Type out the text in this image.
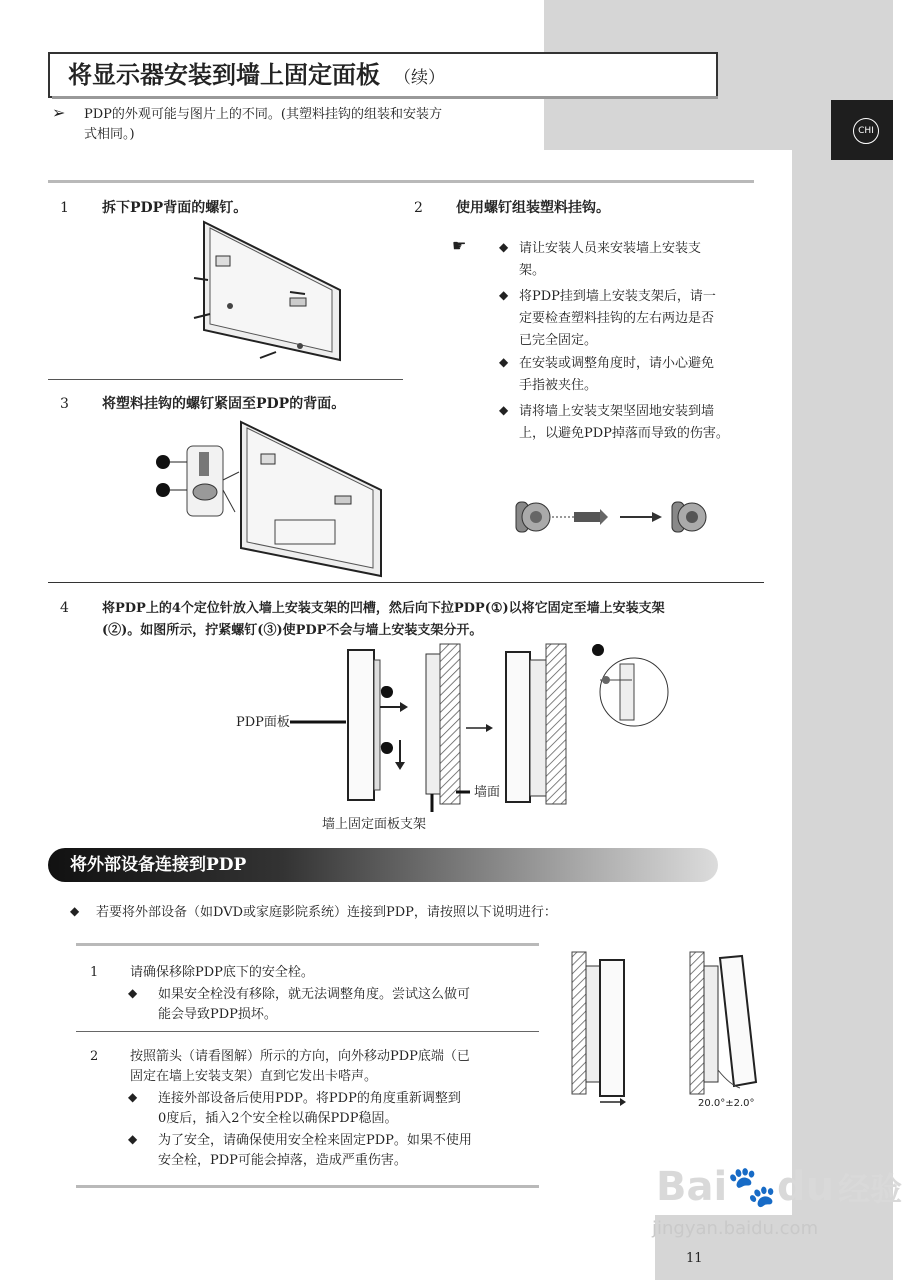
CHI
将显示器安装到墙上固定面板 （续）
➢ PDP的外观可能与图片上的不同。(其塑料挂钩的组装和安装方
式相同。)
1 拆下PDP背面的螺钉。	2 使用螺钉组装塑料挂钩。
☛	◆ 请让安装人员来安装墙上安装支
架。
◆ 将PDP挂到墙上安装支架后，请一
定要检查塑料挂钩的左右两边是否
已完全固定。
◆ 在安装或调整角度时，请小心避免
手指被夹住。
◆ 请将墙上安装支架坚固地安装到墙
上，以避免PDP掉落而导致的伤害。
3 将塑料挂钩的螺钉紧固至PDP的背面。
4	将PDP上的4个定位针放入墙上安装支架的凹槽，然后向下拉PDP(①)以将它固定至墙上安装支架
(②)。如图所示，拧紧螺钉(③)使PDP不会与墙上安装支架分开。
❶
❷
❸
PDP面板
墙面
墙上固定面板支架
将外部设备连接到PDP
◆ 若要将外部设备（如DVD或家庭影院系统）连接到PDP，请按照以下说明进行：
1 请确保移除PDP底下的安全栓。
◆ 如果安全栓没有移除，就无法调整角度。尝试这么做可
能会导致PDP损坏。
2 按照箭头（请看图解）所示的方向，向外移动PDP底端（已
固定在墙上安装支架）直到它发出卡嗒声。
◆ 连接外部设备后使用PDP。将PDP的角度重新调整到
0度后，插入2个安全栓以确保PDP稳固。
◆ 为了安全，请确保使用安全栓来固定PDP。如果不使用
安全栓，PDP可能会掉落，造成严重伤害。
20.0°±2.0°
Bai🐾du 经验
jingyan.baidu.com
11
